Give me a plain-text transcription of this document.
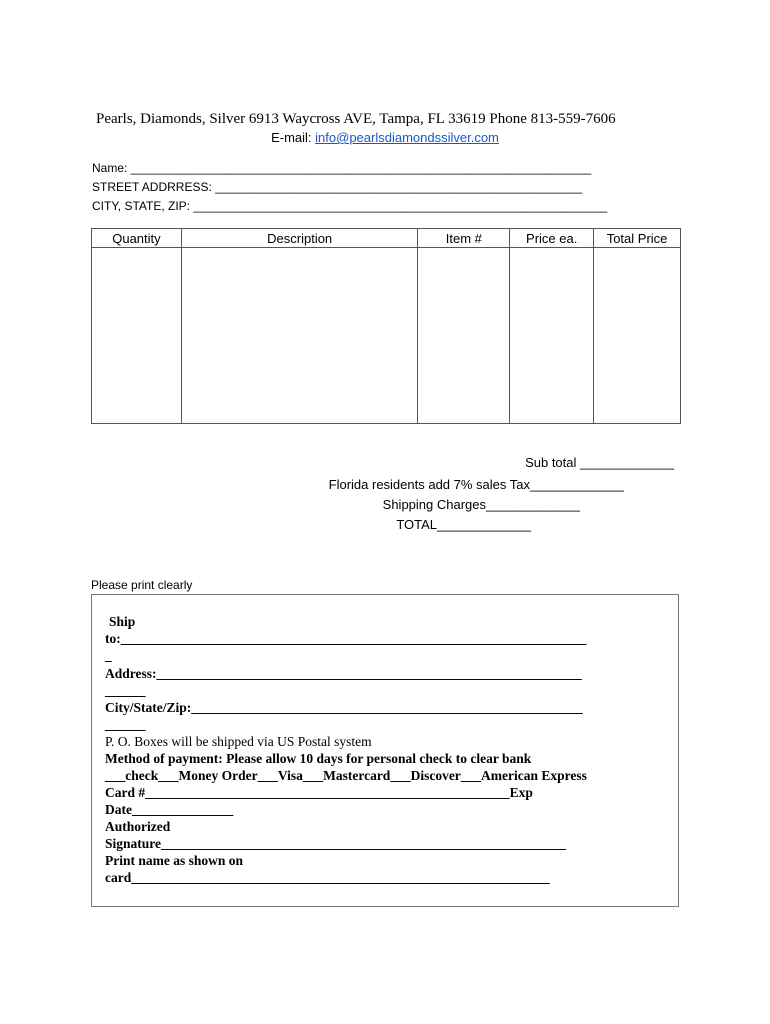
Pearls, Diamonds, Silver 6913 Waycross AVE, Tampa, FL 33619 Phone 813-559-7606
E-mail: info@pearlsdiamondssilver.com
Name: _____________________________________________________________________
STREET ADDRRESS: _______________________________________________________
CITY, STATE, ZIP: ______________________________________________________________
Quantity	Description	Item #	Price ea.	Total Price

Sub total _____________
Florida residents add 7% sales Tax_____________
Shipping Charges_____________
TOTAL_____________
Please print clearly
Ship
to:_____________________________________________________________________
_
Address:_______________________________________________________________
______
City/State/Zip:__________________________________________________________
______
P. O. Boxes will be shipped via US Postal system
Method of payment: Please allow 10 days for personal check to clear bank
___check___Money Order___Visa___Mastercard___Discover___American Express
Card #______________________________________________________Exp
Date_______________
Authorized
Signature____________________________________________________________
Print name as shown on
card______________________________________________________________
